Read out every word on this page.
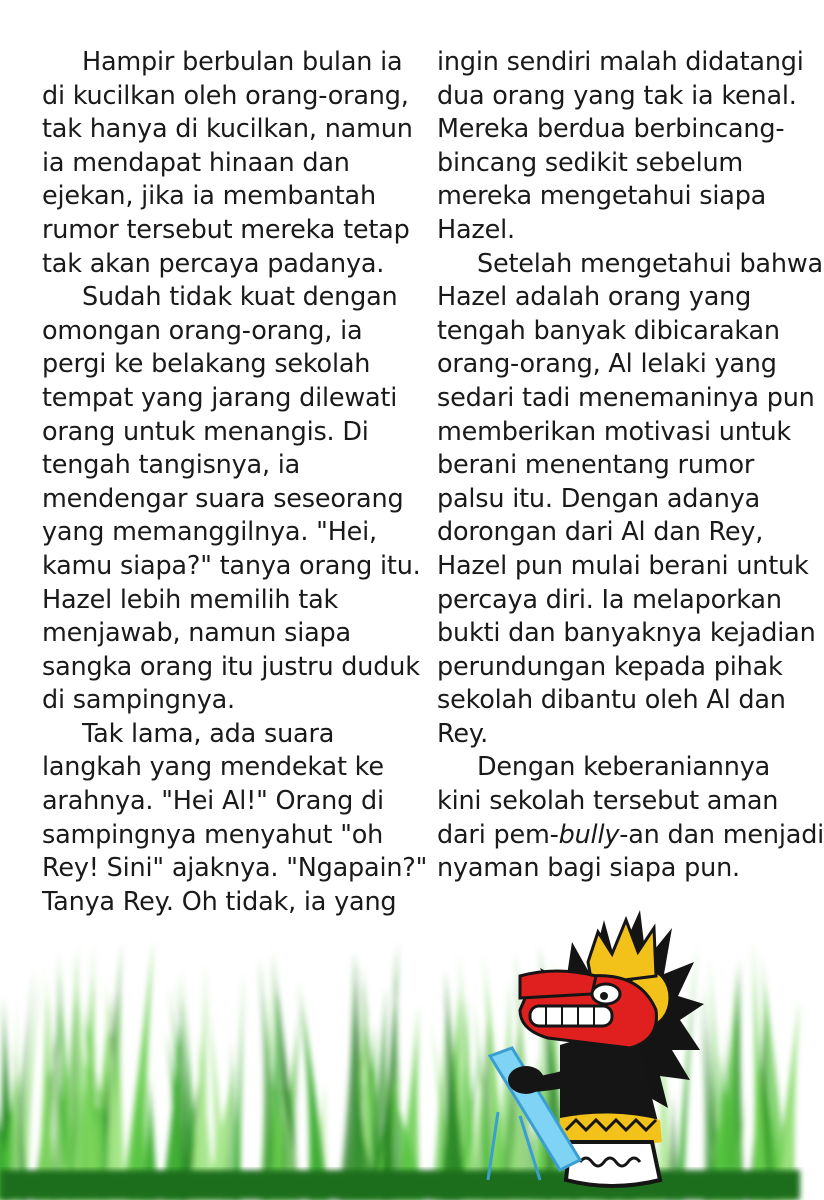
Hampir berbulan bulan ia
di kucilkan oleh orang-orang,
tak hanya di kucilkan, namun
ia mendapat hinaan dan
ejekan, jika ia membantah
rumor tersebut mereka tetap
tak akan percaya padanya.
Sudah tidak kuat dengan
omongan orang-orang, ia
pergi ke belakang sekolah
tempat yang jarang dilewati
orang untuk menangis. Di
tengah tangisnya, ia
mendengar suara seseorang
yang memanggilnya. "Hei,
kamu siapa?" tanya orang itu.
Hazel lebih memilih tak
menjawab, namun siapa
sangka orang itu justru duduk
di sampingnya.
Tak lama, ada suara
langkah yang mendekat ke
arahnya. "Hei Al!" Orang di
sampingnya menyahut "oh
Rey! Sini" ajaknya. "Ngapain?"
Tanya Rey. Oh tidak, ia yang
ingin sendiri malah didatangi
dua orang yang tak ia kenal.
Mereka berdua berbincang-
bincang sedikit sebelum
mereka mengetahui siapa
Hazel.
Setelah mengetahui bahwa
Hazel adalah orang yang
tengah banyak dibicarakan
orang-orang, Al lelaki yang
sedari tadi menemaninya pun
memberikan motivasi untuk
berani menentang rumor
palsu itu. Dengan adanya
dorongan dari Al dan Rey,
Hazel pun mulai berani untuk
percaya diri. Ia melaporkan
bukti dan banyaknya kejadian
perundungan kepada pihak
sekolah dibantu oleh Al dan
Rey.
Dengan keberaniannya
kini sekolah tersebut aman
dari pem-bully-an dan menjadi
nyaman bagi siapa pun.
